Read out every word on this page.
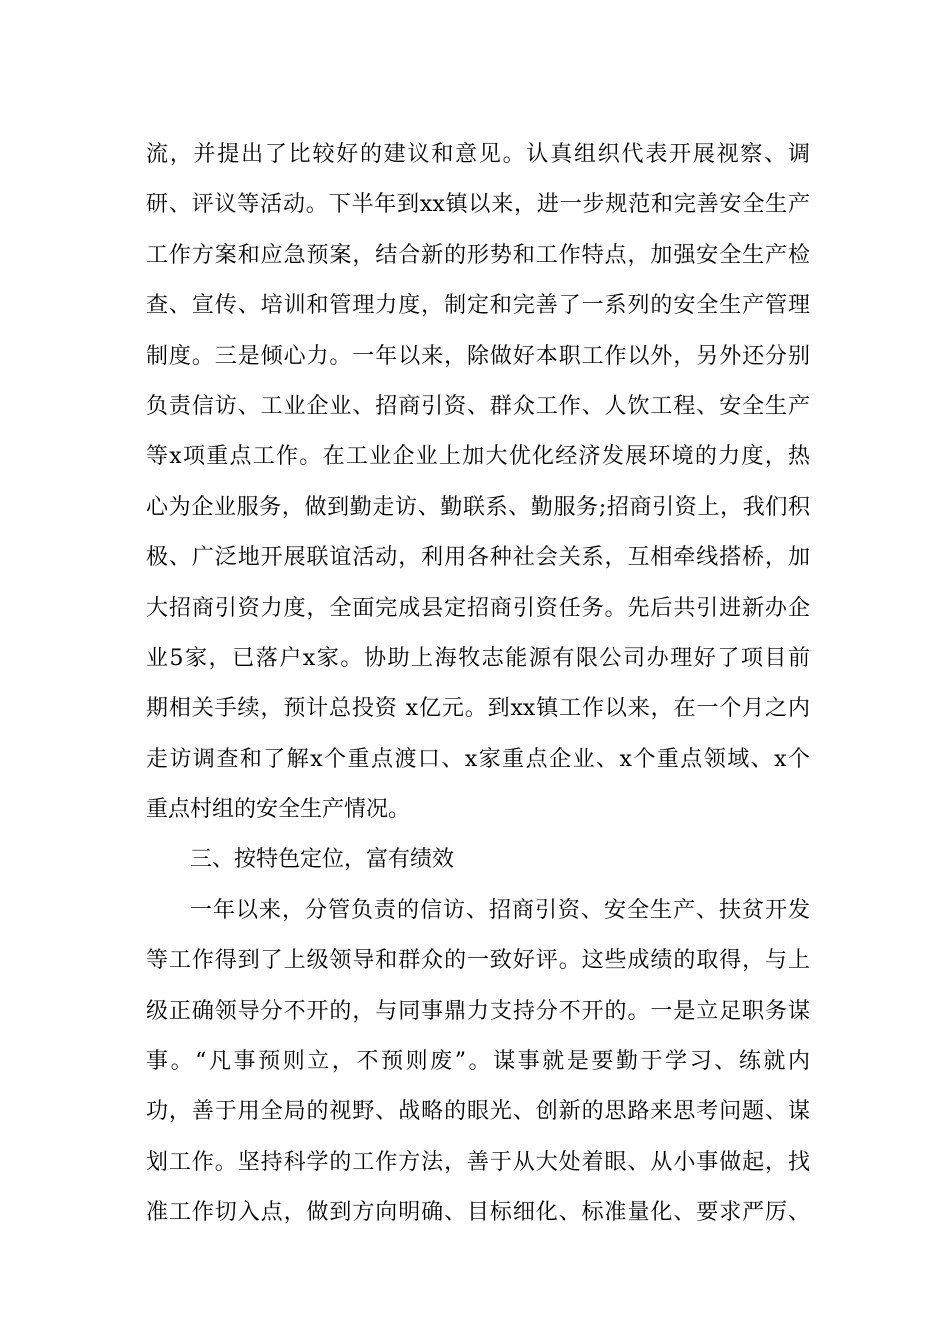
流，并提出了比较好的建议和意见。认真组织代表开展视察、调
研、评议等活动。下半年到xx镇以来，进一步规范和完善安全生产
工作方案和应急预案，结合新的形势和工作特点，加强安全生产检
查、宣传、培训和管理力度，制定和完善了一系列的安全生产管理
制度。三是倾心力。一年以来，除做好本职工作以外，另外还分别
负责信访、工业企业、招商引资、群众工作、人饮工程、安全生产
等x项重点工作。在工业企业上加大优化经济发展环境的力度，热
心为企业服务，做到勤走访、勤联系、勤服务;招商引资上，我们积
极、广泛地开展联谊活动，利用各种社会关系，互相牵线搭桥，加
大招商引资力度，全面完成县定招商引资任务。先后共引进新办企
业5家，已落户x家。协助上海牧志能源有限公司办理好了项目前
期相关手续，预计总投资 x亿元。到xx镇工作以来，在一个月之内
走访调查和了解x个重点渡口、x家重点企业、x个重点领域、x个
重点村组的安全生产情况。
三、按特色定位，富有绩效
一年以来，分管负责的信访、招商引资、安全生产、扶贫开发
等工作得到了上级领导和群众的一致好评。这些成绩的取得，与上
级正确领导分不开的，与同事鼎力支持分不开的。一是立足职务谋
事。“凡事预则立，不预则废”。谋事就是要勤于学习、练就内
功，善于用全局的视野、战略的眼光、创新的思路来思考问题、谋
划工作。坚持科学的工作方法，善于从大处着眼、从小事做起，找
准工作切入点，做到方向明确、目标细化、标准量化、要求严厉、
